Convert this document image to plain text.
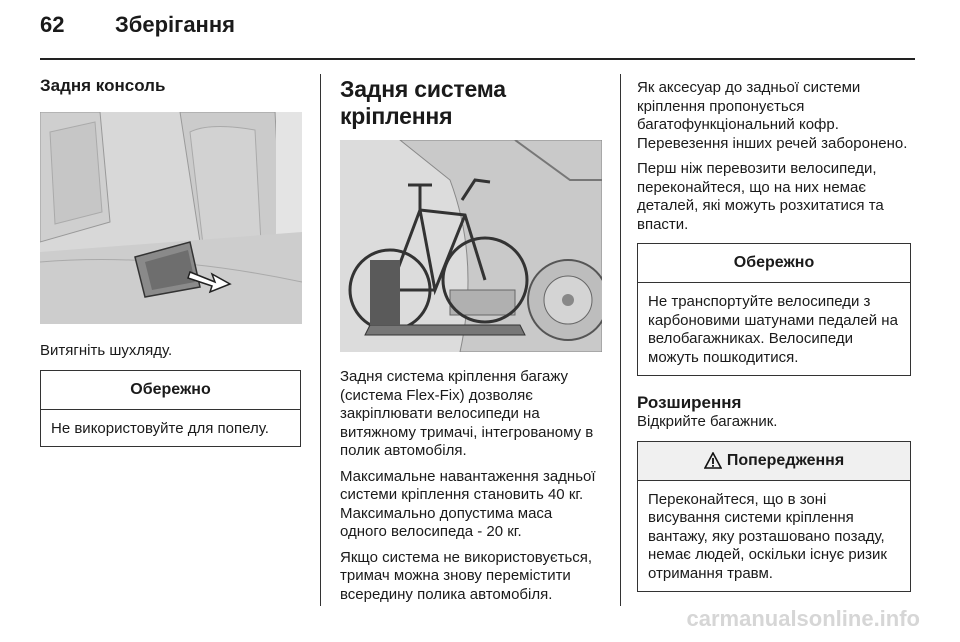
62 Зберігання
Задня консоль

Витягніть шухляду.

Обережно
Не використовуйте для попелу.
Задня система кріплення

Задня система кріплення багажу (система Flex-Fix) дозволяє закріплювати велосипеди на витяжному тримачі, інтегрованому в полик автомобіля.

Максимальне навантаження задньої системи кріплення становить 40 кг. Максимально допустима маса одного велосипеда - 20 кг.

Якщо система не використовується, тримач можна знову перемістити всередину полика автомобіля.

Як аксесуар до задньої системи кріплення пропонується багатофункціональний кофр. Перевезення інших речей заборонено.

Перш ніж перевозити велосипеди, переконайтеся, що на них немає деталей, які можуть розхитатися та впасти.

Обережно
Не транспортуйте велосипеди з карбоновими шатунами педалей на велобагажниках. Велосипеди можуть пошкодитися.
Розширення

Відкрийте багажник.

Попередження
Переконайтеся, що в зоні висування системи кріплення вантажу, яку розташовано позаду, немає людей, оскільки існує ризик отримання травм.
carmanualsonline.info
